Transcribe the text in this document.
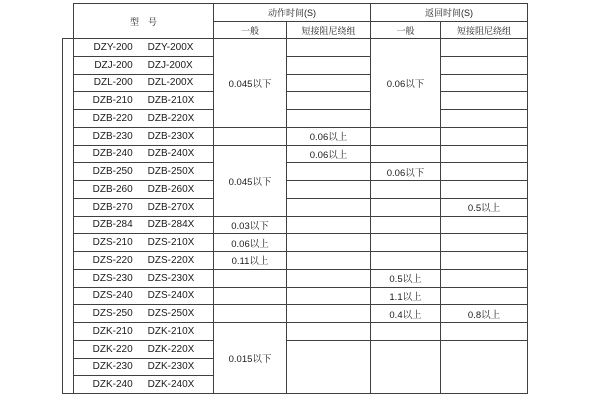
	型　号	动作时间(S)		返回时间(S)	
		一般	短接阻尼绕组	一般	短接阻尼绕组
	DZY-200 DZY-200X	0.045以下		0.06以下	
	DZJ-200 DZJ-200X				
	DZL-200 DZL-200X				
	DZB-210 DZB-210X				
	DZB-220 DZB-220X				
	DZB-230 DZB-230X		0.06以上		
	DZB-240 DZB-240X	0.045以下	0.06以上		
	DZB-250 DZB-250X			0.06以下	
	DZB-260 DZB-260X				
	DZB-270 DZB-270X				0.5以上
	DZB-284 DZB-284X	0.03以下			
	DZS-210 DZS-210X	0.06以上			
	DZS-220 DZS-220X	0.11以上			
	DZS-230 DZS-230X			0.5以上	
	DZS-240 DZS-240X			1.1以上	
	DZS-250 DZS-250X			0.4以上	0.8以上
	DZK-210 DZK-210X	0.015以下			
	DZK-220 DZK-220X				
	DZK-230 DZK-230X				
	DZK-240 DZK-240X				
